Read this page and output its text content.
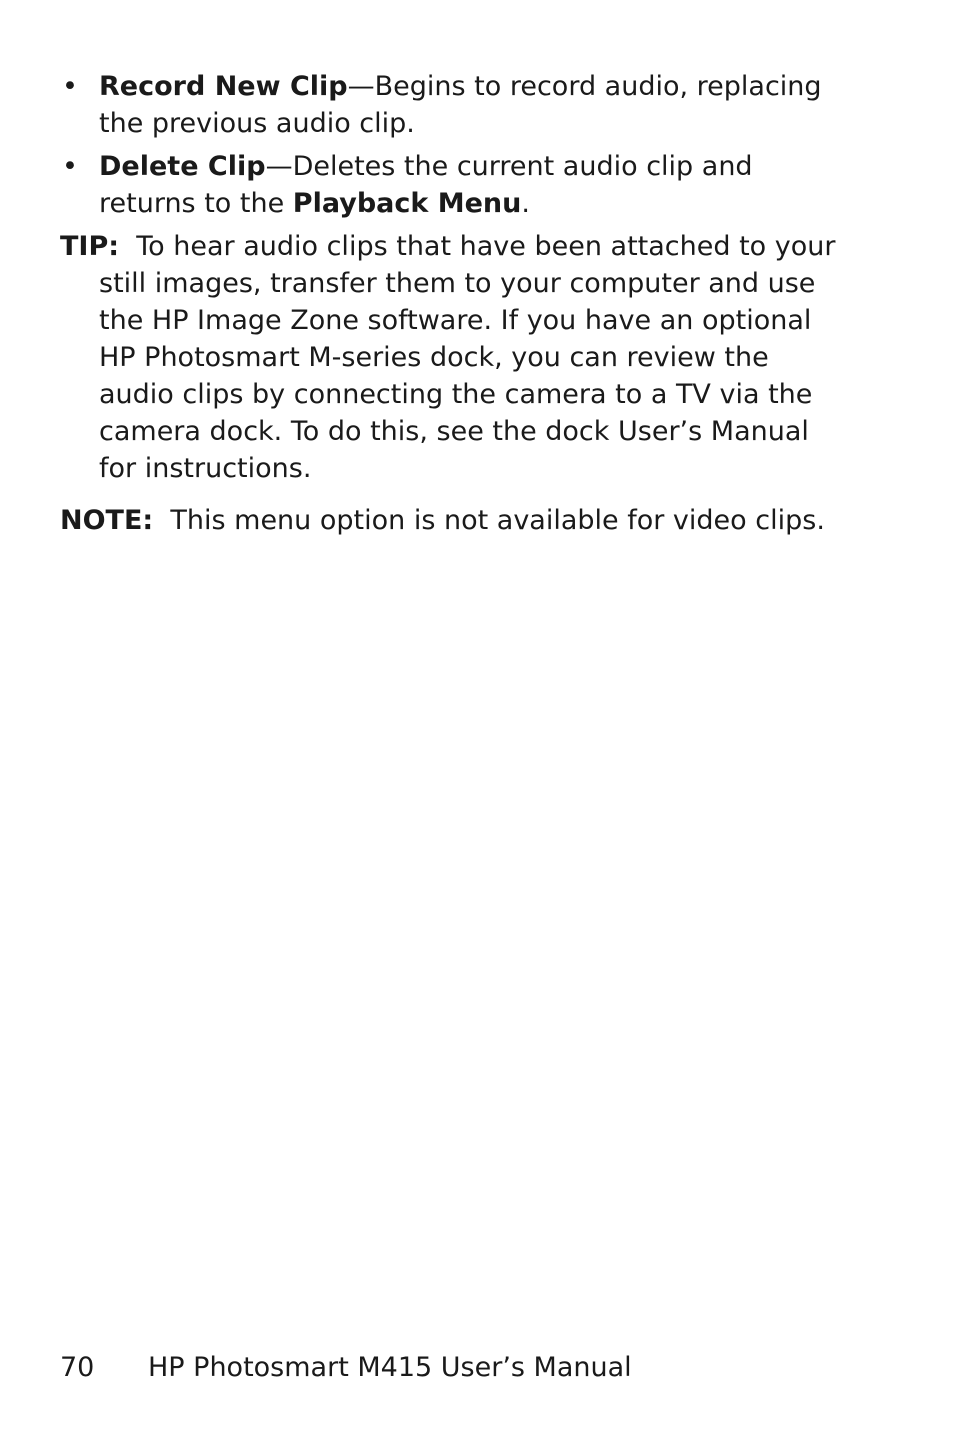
• Record New Clip—Begins to record audio, replacing the previous audio clip.
• Delete Clip—Deletes the current audio clip and returns to the Playback Menu.
TIP: To hear audio clips that have been attached to your still images, transfer them to your computer and use the HP Image Zone software. If you have an optional HP Photosmart M-series dock, you can review the audio clips by connecting the camera to a TV via the camera dock. To do this, see the dock User’s Manual for instructions.
NOTE: This menu option is not available for video clips.
70 HP Photosmart M415 User’s Manual
